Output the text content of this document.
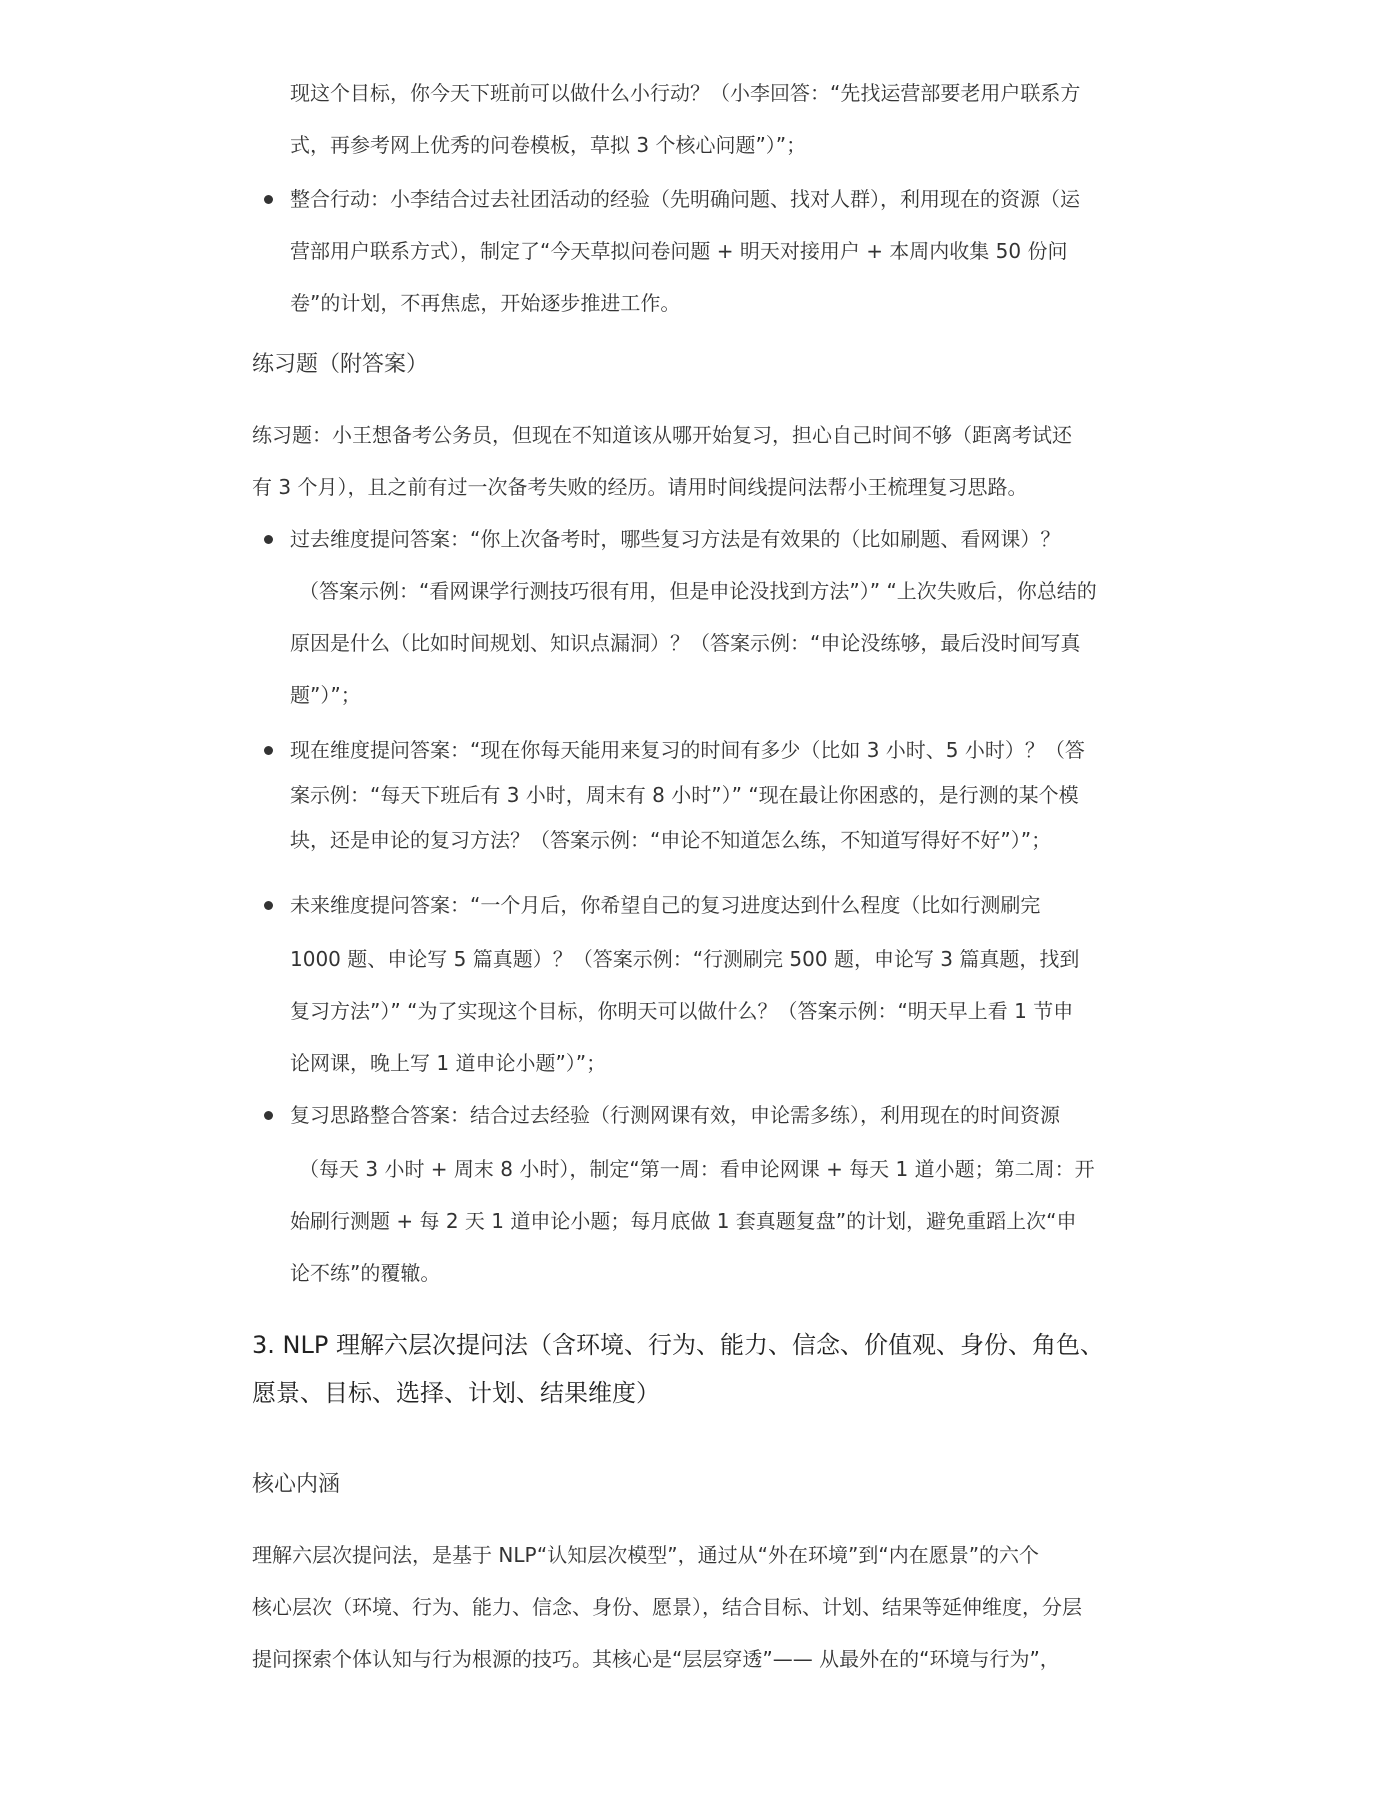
现这个目标，你今天下班前可以做什么小行动？（小李回答：“先找运营部要老用户联系方
式，再参考网上优秀的问卷模板，草拟 3 个核心问题”）”；
整合行动：小李结合过去社团活动的经验（先明确问题、找对人群），利用现在的资源（运
营部用户联系方式），制定了“今天草拟问卷问题 + 明天对接用户 + 本周内收集 50 份问
卷”的计划，不再焦虑，开始逐步推进工作。
练习题（附答案）
练习题：小王想备考公务员，但现在不知道该从哪开始复习，担心自己时间不够（距离考试还
有 3 个月），且之前有过一次备考失败的经历。请用时间线提问法帮小王梳理复习思路。
过去维度提问答案：“你上次备考时，哪些复习方法是有效果的（比如刷题、看网课）？
（答案示例：“看网课学行测技巧很有用，但是申论没找到方法”）” “上次失败后，你总结的
原因是什么（比如时间规划、知识点漏洞）？（答案示例：“申论没练够，最后没时间写真
题”）”；
现在维度提问答案：“现在你每天能用来复习的时间有多少（比如 3 小时、5 小时）？（答
案示例：“每天下班后有 3 小时，周末有 8 小时”）” “现在最让你困惑的，是行测的某个模
块，还是申论的复习方法？（答案示例：“申论不知道怎么练，不知道写得好不好”）”；
未来维度提问答案：“一个月后，你希望自己的复习进度达到什么程度（比如行测刷完
1000 题、申论写 5 篇真题）？（答案示例：“行测刷完 500 题，申论写 3 篇真题，找到
复习方法”）” “为了实现这个目标，你明天可以做什么？（答案示例：“明天早上看 1 节申
论网课，晚上写 1 道申论小题”）”；
复习思路整合答案：结合过去经验（行测网课有效，申论需多练），利用现在的时间资源
（每天 3 小时 + 周末 8 小时），制定“第一周：看申论网课 + 每天 1 道小题；第二周：开
始刷行测题 + 每 2 天 1 道申论小题；每月底做 1 套真题复盘”的计划，避免重蹈上次“申
论不练”的覆辙。
3. NLP 理解六层次提问法（含环境、行为、能力、信念、价值观、身份、角色、
愿景、目标、选择、计划、结果维度）
核心内涵
理解六层次提问法，是基于 NLP“认知层次模型”，通过从“外在环境”到“内在愿景”的六个
核心层次（环境、行为、能力、信念、身份、愿景），结合目标、计划、结果等延伸维度，分层
提问探索个体认知与行为根源的技巧。其核心是“层层穿透”—— 从最外在的“环境与行为”，
